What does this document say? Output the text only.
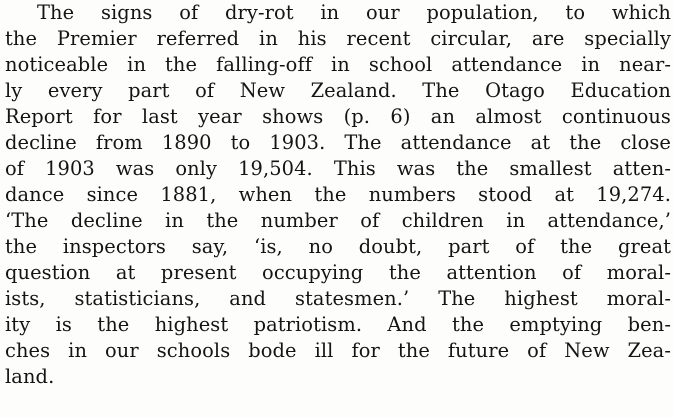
The signs of dry-rot in our population, to which
the Premier referred in his recent circular, are specially
noticeable in the falling-off in school attendance in near-
ly every part of New Zealand. The Otago Education
Report for last year shows (p. 6) an almost continuous
decline from 1890 to 1903. The attendance at the close
of 1903 was only 19,504. This was the smallest atten-
dance since 1881, when the numbers stood at 19,274.
‘The decline in the number of children in attendance,’
the inspectors say, ‘is, no doubt, part of the great
question at present occupying the attention of moral-
ists, statisticians, and statesmen.’ The highest moral-
ity is the highest patriotism. And the emptying ben-
ches in our schools bode ill for the future of New Zea-
land.
